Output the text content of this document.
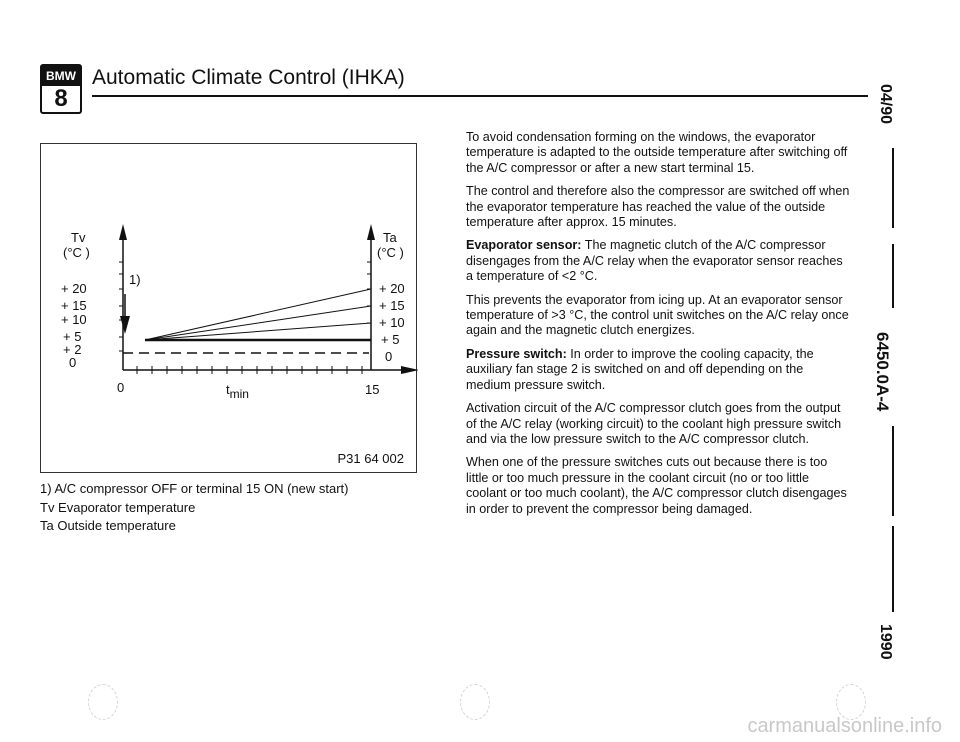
BMW
8
Automatic Climate Control (IHKA)
Tv
(°C )
Ta
(°C )
+ 20
+ 15
+ 10
+ 5
+ 2
0
+ 20
+ 15
+ 10
+ 5
0
1)
0	tmin	15
P31 64 002
1) A/C compressor OFF or terminal 15 ON (new start)
Tv Evaporator temperature
Ta Outside temperature

To avoid condensation forming on the windows, the evaporator temperature is adapted to the outside temperature after switching off the A/C compressor or after a new start terminal 15.

The control and therefore also the compressor are switched off when the evaporator temperature has reached the value of the outside temperature after approx. 15 minutes.

Evaporator sensor: The magnetic clutch of the A/C compressor disengages from the A/C relay when the evaporator sensor reaches a temperature of <2 °C.

This prevents the evaporator from icing up. At an evaporator sensor temperature of >3 °C, the control unit switches on the A/C relay once again and the magnetic clutch energizes.

Pressure switch: In order to improve the cooling capacity, the auxiliary fan stage 2 is switched on and off depending on the medium pressure switch.

Activation circuit of the A/C compressor clutch goes from the output of the A/C relay (working circuit) to the coolant high pressure switch and via the low pressure switch to the A/C compressor clutch.

When one of the pressure switches cuts out because there is too little or too much pressure in the coolant circuit (no or too little coolant or too much coolant), the A/C compressor clutch disengages in order to prevent the compressor being damaged.

04/90
6450.0A-4
1990
carmanualsonline.info
